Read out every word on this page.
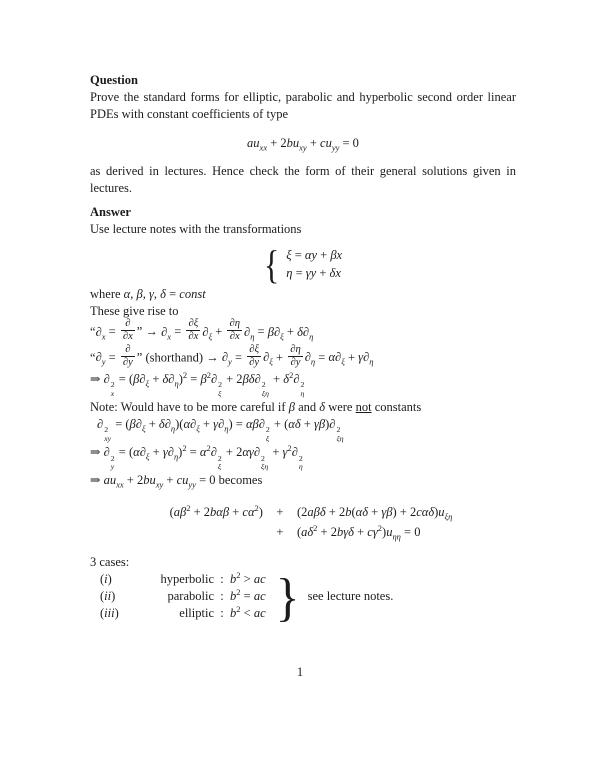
Question

Prove the standard forms for elliptic, parabolic and hyperbolic second order linear PDEs with constant coefficients of type

$au_{xx} + 2bu_{xy} + cu_{yy} = 0$

as derived in lectures. Hence check the form of their general solutions given in lectures.

Answer

Use lecture notes with the transformations

{ ξ = αy + βx
η = γy + δx
where α, β, γ, δ = const
These give rise to
“$\partial_x = \frac{\partial}{\partial x}$ ” → $\partial_x = \frac{\partial\xi}{\partial x} \partial_\xi + \frac{\partial\eta}{\partial x} \partial_\eta = \beta\partial_\xi + \delta\partial_\eta$
“$\partial_y = \frac{\partial}{\partial y}$ ” (shorthand) → $\partial_y = \frac{\partial\xi}{\partial y} \partial_\xi + \frac{\partial\eta}{\partial y} \partial_\eta = \alpha\partial_\xi + \gamma\partial_\eta$
⇒ ∂ 2
x
= $(\beta\partial_\xi + \delta\partial_\eta)^2 = \beta^2\partial$ 2
ξ
+ 2βδ∂ 2
ξη
+ $\delta^2\partial$ 2
η
Note: Would have to be more careful if β and δ were not constants
∂ 2
xy
= $(\beta\partial_\xi + \delta\partial_\eta)(\alpha\partial_\xi + \gamma\partial_\eta) = \alpha\beta\partial$ 2
ξ
+ (αδ + γβ)∂ 2
ξη
⇒ ∂ 2
y
= $(\alpha\partial_\xi + \gamma\partial_\eta)^2 = \alpha^2\partial$ 2
ξ
+ 2αγ∂ 2
ξη
+ $\gamma^2\partial$ 2
η
⇒ $au_{xx} + 2bu_{xy} + cu_{yy} = 0$ becomes
$(a\beta^2 + 2b\alpha\beta + c\alpha^2)$	+	$(2a\beta\delta + 2b(\alpha\delta + \gamma\beta) + 2c\alpha\delta)u_{\xi\eta}$
+	$(a\delta^2 + 2b\gamma\delta + c\gamma^2)u_{\eta\eta} = 0$
3 cases:
(i)	hyperbolic : $b^2$ > ac
(ii)	parabolic : $b^2$ = ac
(iii)	elliptic : $b^2$ < ac } see lecture notes.
1
